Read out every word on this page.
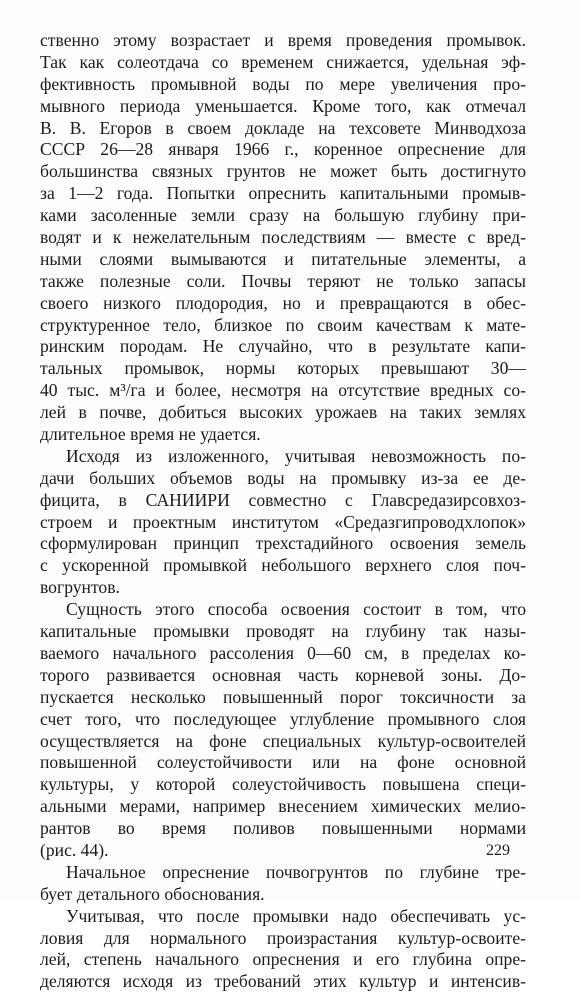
ственно этому возрастает и время проведения промывок.
Так как солеотдача со временем снижается, удельная эф-
фективность промывной воды по мере увеличения про-
мывного периода уменьшается. Кроме того, как отмечал
В. В. Егоров в своем докладе на техсовете Минводхоза
СССР 26—28 января 1966 г., коренное опреснение для
большинства связных грунтов не может быть достигнуто
за 1—2 года. Попытки опреснить капитальными промыв-
ками засоленные земли сразу на большую глубину при-
водят и к нежелательным последствиям — вместе с вред-
ными слоями вымываются и питательные элементы, а
также полезные соли. Почвы теряют не только запасы
своего низкого плодородия, но и превращаются в обес-
структуренное тело, близкое по своим качествам к мате-
ринским породам. Не случайно, что в результате капи-
тальных промывок, нормы которых превышают 30—
40 тыс. м³/га и более, несмотря на отсутствие вредных со-
лей в почве, добиться высоких урожаев на таких землях
длительное время не удается.
Исходя из изложенного, учитывая невозможность по-
дачи больших объемов воды на промывку из-за ее де-
фицита, в САНИИРИ совместно с Главсредазирсовхоз-
строем и проектным институтом «Средазгипроводхлопок»
сформулирован принцип трехстадийного освоения земель
с ускоренной промывкой небольшого верхнего слоя поч-
вогрунтов.
Сущность этого способа освоения состоит в том, что
капитальные промывки проводят на глубину так назы-
ваемого начального рассоления 0—60 см, в пределах ко-
торого развивается основная часть корневой зоны. До-
пускается несколько повышенный порог токсичности за
счет того, что последующее углубление промывного слоя
осуществляется на фоне специальных культур-освоителей
повышенной солеустойчивости или на фоне основной
культуры, у которой солеустойчивость повышена специ-
альными мерами, например внесением химических мелио-
рантов во время поливов повышенными нормами
(рис. 44).
Начальное опреснение почвогрунтов по глубине тре-
бует детального обоснования.
Учитывая, что после промывки надо обеспечивать ус-
ловия для нормального произрастания культур-освоите-
лей, степень начального опреснения и его глубина опре-
деляются исходя из требований этих культур и интенсив-
229
